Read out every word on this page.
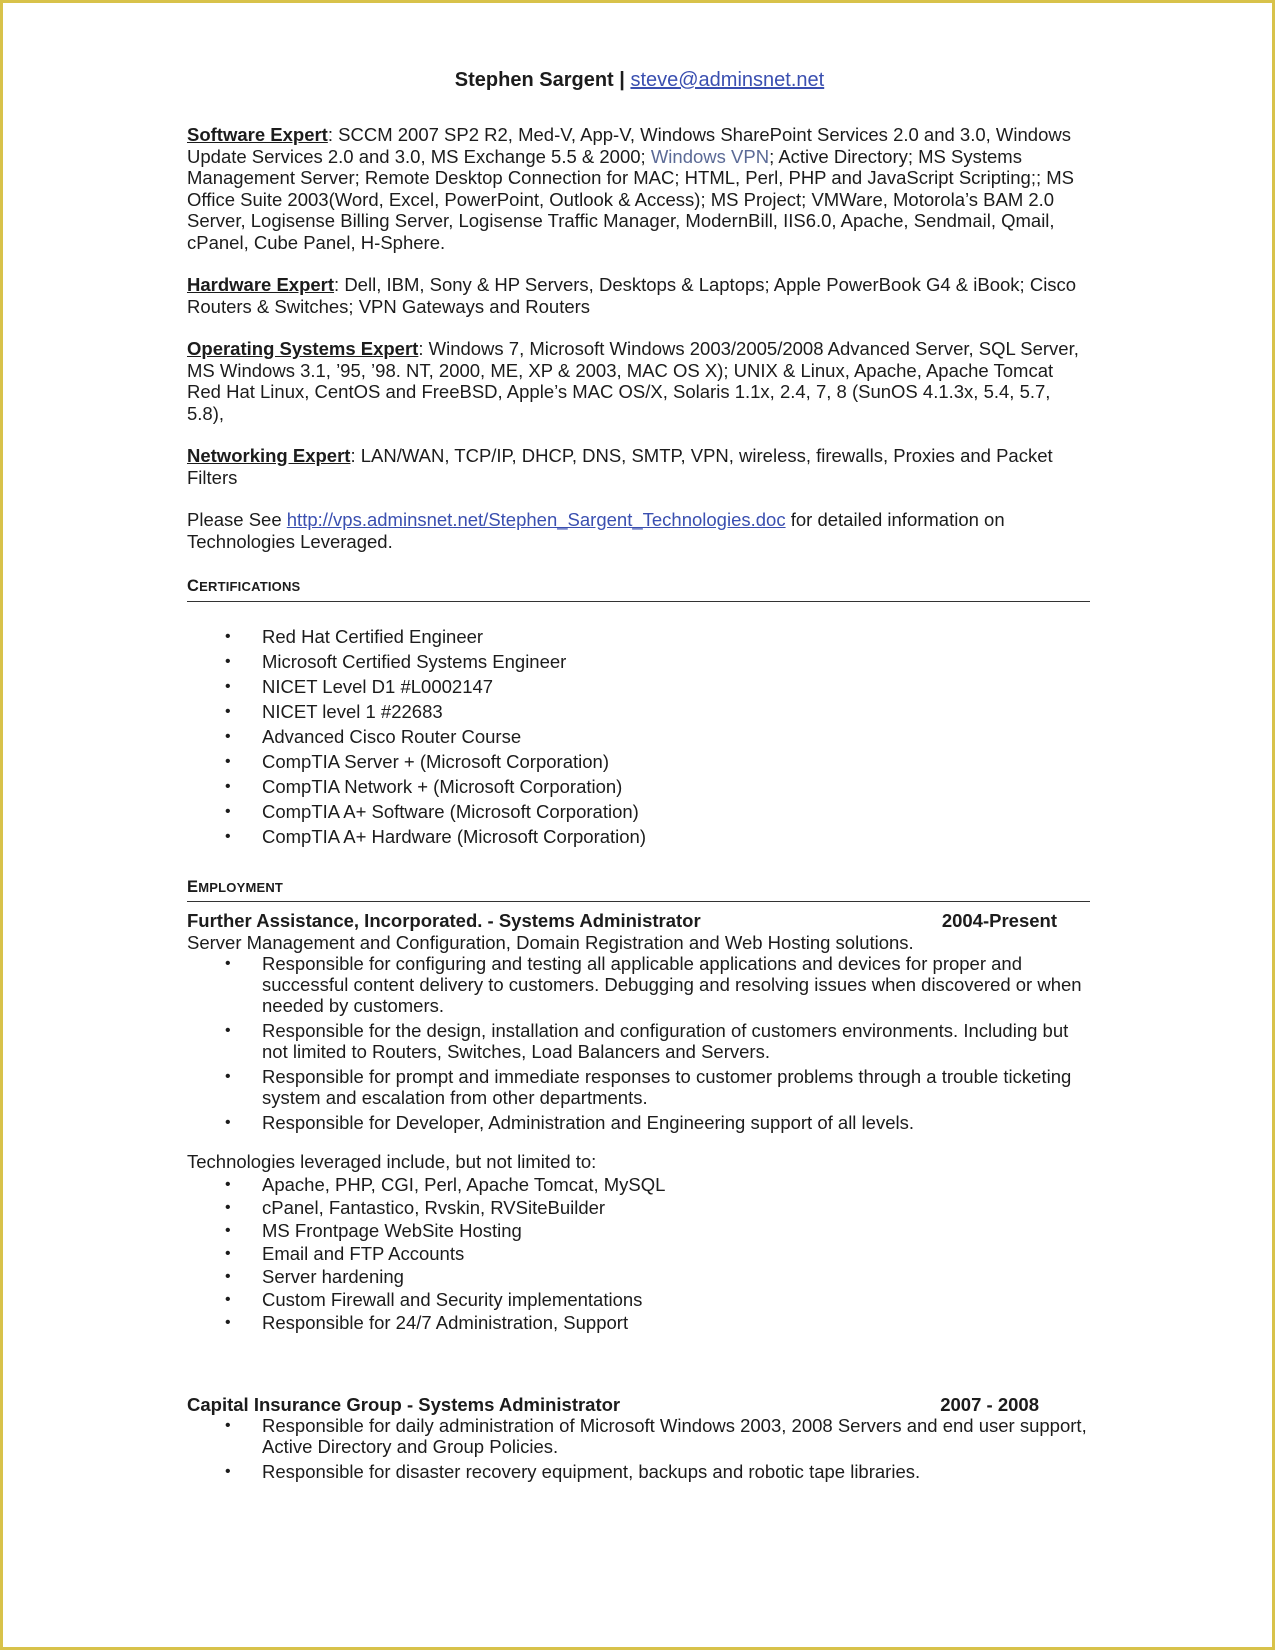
Stephen Sargent | steve@adminsnet.net

Software Expert: SCCM 2007 SP2 R2, Med-V, App-V, Windows SharePoint Services 2.0 and 3.0, Windows Update Services 2.0 and 3.0, MS Exchange 5.5 & 2000; Windows VPN; Active Directory; MS Systems Management Server; Remote Desktop Connection for MAC; HTML, Perl, PHP and JavaScript Scripting;; MS Office Suite 2003(Word, Excel, PowerPoint, Outlook & Access); MS Project; VMWare, Motorola’s BAM 2.0 Server, Logisense Billing Server, Logisense Traffic Manager, ModernBill, IIS6.0, Apache, Sendmail, Qmail, cPanel, Cube Panel, H-Sphere.

Hardware Expert: Dell, IBM, Sony & HP Servers, Desktops & Laptops; Apple PowerBook G4 & iBook; Cisco Routers & Switches; VPN Gateways and Routers

Operating Systems Expert: Windows 7, Microsoft Windows 2003/2005/2008 Advanced Server, SQL Server, MS Windows 3.1, ’95, ’98. NT, 2000, ME, XP & 2003, MAC OS X); UNIX & Linux, Apache, Apache Tomcat Red Hat Linux, CentOS and FreeBSD, Apple’s MAC OS/X, Solaris 1.1x, 2.4, 7, 8 (SunOS 4.1.3x, 5.4, 5.7, 5.8),

Networking Expert: LAN/WAN, TCP/IP, DHCP, DNS, SMTP, VPN, wireless, firewalls, Proxies and Packet Filters

Please See http://vps.adminsnet.net/Stephen_Sargent_Technologies.doc for detailed information on Technologies Leveraged.

CERTIFICATIONS
• Red Hat Certified Engineer
• Microsoft Certified Systems Engineer
• NICET Level D1 #L0002147
• NICET level 1 #22683
• Advanced Cisco Router Course
• CompTIA Server + (Microsoft Corporation)
• CompTIA Network + (Microsoft Corporation)
• CompTIA A+ Software (Microsoft Corporation)
• CompTIA A+ Hardware (Microsoft Corporation)
EMPLOYMENT
Further Assistance, Incorporated. - Systems Administrator	2004-Present
Server Management and Configuration, Domain Registration and Web Hosting solutions.
• Responsible for configuring and testing all applicable applications and devices for proper and successful content delivery to customers. Debugging and resolving issues when discovered or when needed by customers.
• Responsible for the design, installation and configuration of customers environments. Including but not limited to Routers, Switches, Load Balancers and Servers.
• Responsible for prompt and immediate responses to customer problems through a trouble ticketing system and escalation from other departments.
• Responsible for Developer, Administration and Engineering support of all levels.
Technologies leveraged include, but not limited to:
• Apache, PHP, CGI, Perl, Apache Tomcat, MySQL
• cPanel, Fantastico, Rvskin, RVSiteBuilder
• MS Frontpage WebSite Hosting
• Email and FTP Accounts
• Server hardening
• Custom Firewall and Security implementations
• Responsible for 24/7 Administration, Support
Capital Insurance Group - Systems Administrator	2007 - 2008
• Responsible for daily administration of Microsoft Windows 2003, 2008 Servers and end user support, Active Directory and Group Policies.
• Responsible for disaster recovery equipment, backups and robotic tape libraries.
